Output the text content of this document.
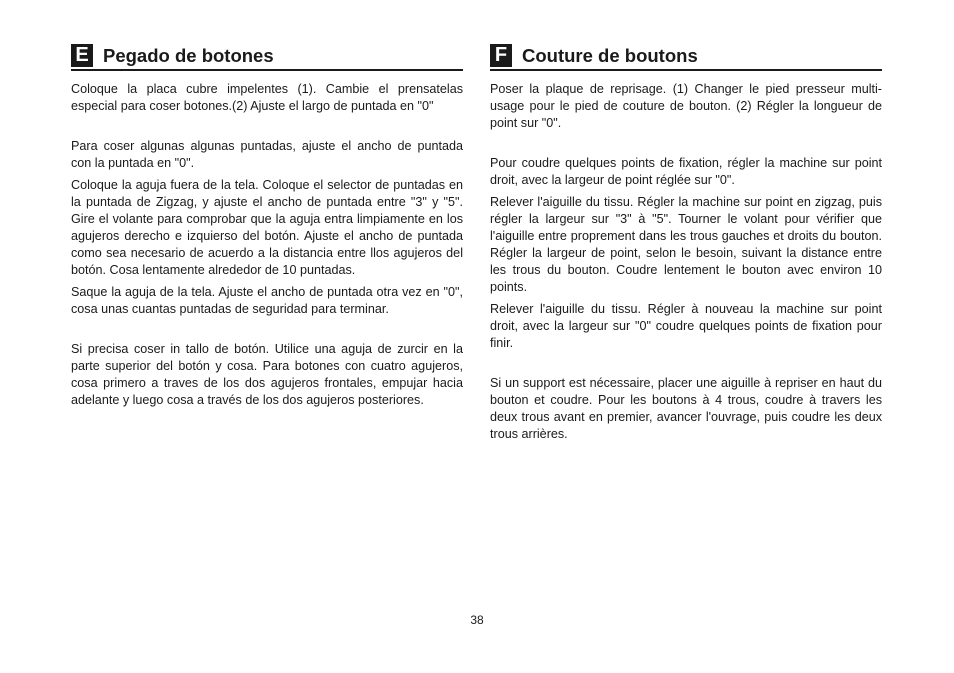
E Pegado de botones

Coloque la placa cubre impelentes (1). Cambie el prensatelas especial para coser botones.(2) Ajuste el largo de puntada en "0"

Para coser algunas algunas puntadas, ajuste el ancho de puntada con la puntada en "0".

Coloque la aguja fuera de la tela. Coloque el selector de puntadas en la puntada de Zigzag, y ajuste el ancho de puntada entre "3" y "5". Gire el volante para comprobar que la aguja entra limpiamente en los agujeros derecho e izquierso del botón. Ajuste el ancho de puntada como sea necesario de acuerdo a la distancia entre llos agujeros del botón. Cosa lentamente alrededor de 10 puntadas.

Saque la aguja de la tela. Ajuste el ancho de puntada otra vez en "0", cosa unas cuantas puntadas de seguridad para terminar.

Si precisa coser in tallo de botón. Utilice una aguja de zurcir en la parte superior del botón y cosa. Para botones con cuatro agujeros, cosa primero a traves de los dos agujeros frontales, empujar hacia adelante y luego cosa a través de los dos agujeros posteriores.

F Couture de boutons

Poser la plaque de reprisage. (1) Changer le pied presseur multi-usage pour le pied de couture de bouton. (2) Régler la longueur de point sur "0".

Pour coudre quelques points de fixation, régler la machine sur point droit, avec la largeur de point réglée sur "0".

Relever l'aiguille du tissu. Régler la machine sur point en zigzag, puis régler la largeur sur "3" à "5". Tourner le volant pour vérifier que l'aiguille entre proprement dans les trous gauches et droits du bouton. Régler la largeur de point, selon le besoin, suivant la distance entre les trous du bouton. Coudre lentement le bouton avec environ 10 points.

Relever l'aiguille du tissu. Régler à nouveau la machine sur point droit, avec la largeur sur "0" coudre quelques points de fixation pour finir.

Si un support est nécessaire, placer une aiguille à repriser en haut du bouton et coudre. Pour les boutons à 4 trous, coudre à travers les deux trous avant en premier, avancer l'ouvrage, puis coudre les deux trous arrières.

38
